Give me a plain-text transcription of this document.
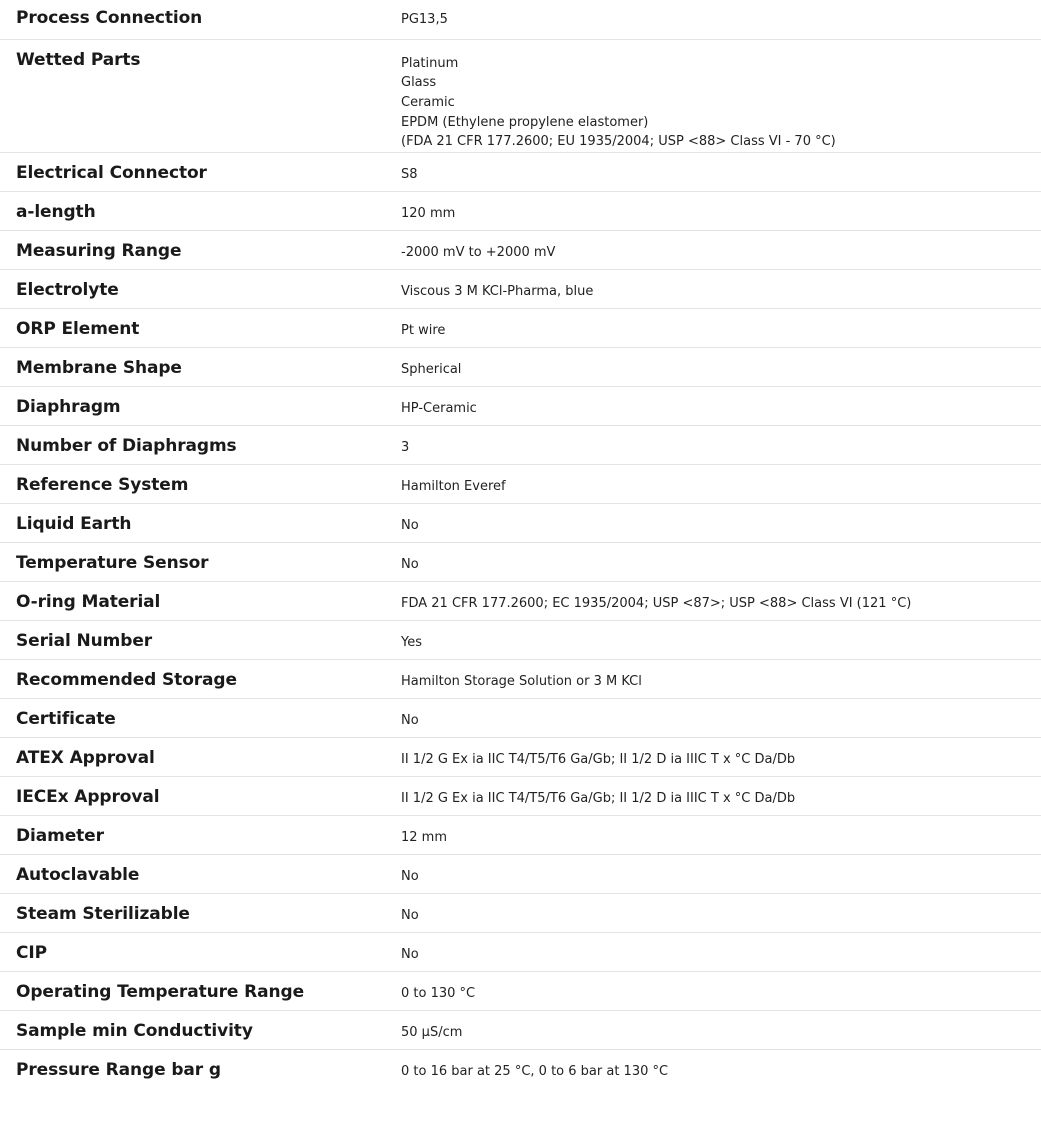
Process Connection	PG13,5

Wetted Parts	Platinum
Glass
Ceramic
EPDM (Ethylene propylene elastomer)
(FDA 21 CFR 177.2600; EU 1935/2004; USP <88> Class VI - 70 °C)

Electrical Connector	S8

a-length	120 mm

Measuring Range	-2000 mV to +2000 mV

Electrolyte	Viscous 3 M KCl-Pharma, blue

ORP Element	Pt wire

Membrane Shape	Spherical

Diaphragm	HP-Ceramic

Number of Diaphragms	3

Reference System	Hamilton Everef

Liquid Earth	No

Temperature Sensor	No

O-ring Material	FDA 21 CFR 177.2600; EC 1935/2004; USP <87>; USP <88> Class VI (121 °C)

Serial Number	Yes

Recommended Storage	Hamilton Storage Solution or 3 M KCl

Certificate	No

ATEX Approval	II 1/2 G Ex ia IIC T4/T5/T6 Ga/Gb; II 1/2 D ia IIIC T x °C Da/Db

IECEx Approval	II 1/2 G Ex ia IIC T4/T5/T6 Ga/Gb; II 1/2 D ia IIIC T x °C Da/Db

Diameter	12 mm

Autoclavable	No

Steam Sterilizable	No

CIP	No

Operating Temperature Range	0 to 130 °C

Sample min Conductivity	50 µS/cm

Pressure Range bar g	0 to 16 bar at 25 °C, 0 to 6 bar at 130 °C
